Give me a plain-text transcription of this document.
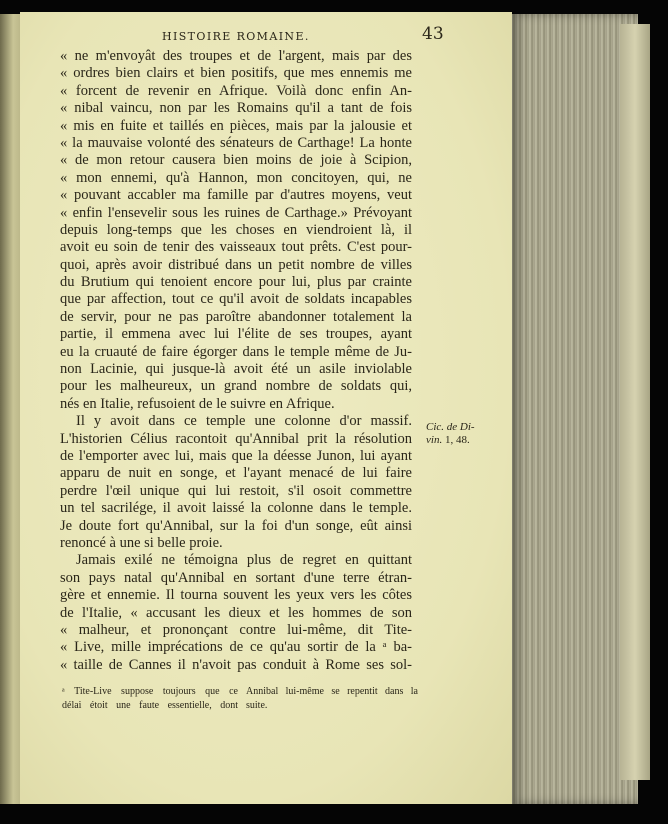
HISTOIRE ROMAINE.	43
« ne m'envoyât des troupes et de l'argent, mais par des
« ordres bien clairs et bien positifs, que mes ennemis me
« forcent de revenir en Afrique. Voilà donc enfin An-
« nibal vaincu, non par les Romains qu'il a tant de fois
« mis en fuite et taillés en pièces, mais par la jalousie et
« la mauvaise volonté des sénateurs de Carthage! La honte
« de mon retour causera bien moins de joie à Scipion,
« mon ennemi, qu'à Hannon, mon concitoyen, qui, ne
« pouvant accabler ma famille par d'autres moyens, veut
« enfin l'ensevelir sous les ruines de Carthage.» Prévoyant
depuis long-temps que les choses en viendroient là, il
avoit eu soin de tenir des vaisseaux tout prêts. C'est pour-
quoi, après avoir distribué dans un petit nombre de villes
du Brutium qui tenoient encore pour lui, plus par crainte
que par affection, tout ce qu'il avoit de soldats incapables
de servir, pour ne pas paroître abandonner totalement la
partie, il emmena avec lui l'élite de ses troupes, ayant
eu la cruauté de faire égorger dans le temple même de Ju-
non Lacinie, qui jusque-là avoit été un asile inviolable
pour les malheureux, un grand nombre de soldats qui,
nés en Italie, refusoient de le suivre en Afrique.
Il y avoit dans ce temple une colonne d'or massif.
L'historien Célius racontoit qu'Annibal prit la résolution
de l'emporter avec lui, mais que la déesse Junon, lui ayant
apparu de nuit en songe, et l'ayant menacé de lui faire
perdre l'œil unique qui lui restoit, s'il osoit commettre
un tel sacrilége, il avoit laissé la colonne dans le temple.
Je doute fort qu'Annibal, sur la foi d'un songe, eût ainsi
renoncé à une si belle proie.
Jamais exilé ne témoigna plus de regret en quittant
son pays natal qu'Annibal en sortant d'une terre étran-
gère et ennemie. Il tourna souvent les yeux vers les côtes
de l'Italie, « accusant les dieux et les hommes de son
« malheur, et prononçant contre lui-même, dit Tite-
« Live, mille imprécations de ce qu'au sortir de la ᵃ ba-
« taille de Cannes il n'avoit pas conduit à Rome ses sol-
Cic. de Di-
vin. 1, 48.
ᵃ Tite-Live suppose toujours que ce
délai étoit une faute essentielle, dont
Annibal lui-même se repentit dans la
suite.
